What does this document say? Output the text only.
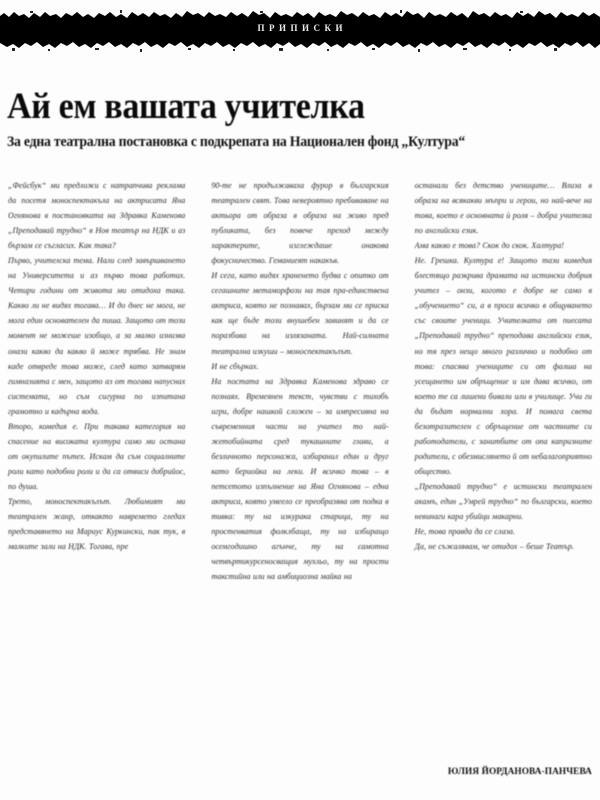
ПРИПИСКИ
Ай ем вашата учителка
За една театрална постановка с подкрепата на Национален фонд „Култура“

„Фейсбук“ ми предложи с натрапчива реклама да посетя моноспектакъла на актрисата Яна Огнянова в постановката на Здравка Каменова „Преподавай трудно“ в Нов театър на НДК и аз бързам се съгласих. Как така?

Първо, учителска тема. Нали след завършването на Университета и аз първо това работих. Четири години от живота ми отидоха така. Какво ли не видях тогава… И до днес не мога, не мога един основателен да пиша. Защото от този момент не можеше изобщо, а за малко изнизва онази какво да какво й може трябва. Не знам каде отвреде това може, след като затварям гимназията с мен, защото аз от тогава напуснах системата, но съм сигурна по изпитана грамотно и кадърна вода.

Второ, комедия е. При такава категория на спасение на високата култура само ми остана от окупилите пътех. Искам да съм социалните роли като подобни роли и да са отвиси добрийос, по душа.

Трето, моноспектакълът. Любимият ми театрален жанр, откакто навремето гледах представянето на Мариус Куркински, пак тук, в малките зали на НДК. Тогава, пре

90-те не продължаваха фурор в българския театрален свят. Това невероятно пребиваване на актьора от образа в образа на живо пред публиката, без повече преход между характерите, изглеждаше онакова фокусничество. Геманиеят накакъв.

И сега, като видях храненето будва с опитко от сегашните метаморфози на тая пра-единствена актриса, която не познавах, бързам ми се приска как ще бъде този внушебен завинят и да се поразбива на излязаната. Най-силната театрална изкуши – моноспектакълът.

И не сбърках.

На постата на Здравка Каменова здраво се познаях. Времеянен текст, чувстви с тихобъ игри, добре нашкой сложен – за импресивна на съвременния части на учител то най-жетобийната сред тукашните глави, а безличното персонажа, избиранил един и друг като бериойка на леки. И всичко това – в петсетото изпълнение на Яна Огнянова – една актриса, която умеело се преобразява от подка в тивка: ту на изкурака старица, ту на простенватия фолклбаща, ту на избиращо осемгодишно агънче, ту на самотна четвъртикурсеносващия мухльо, ту на прости такстийна или на амбициозна майка на

останали без детство учениците… Влиза в образа на всякакви мъпри и герои, но най-вече на това, което е основната ѝ роля – добра учителка по английски език.

Ама какво е това? Скок до скок. Халтура!

Не. Грешка. Култура е! Защото тази комедия блестящо разкрива драмата на истински добрия учител – онзи, когото е добре не само в „обучението“ си, а в проса всичко в общуването със своите ученици. Учителката от пиесата „Преподавай трудно“ преподава английски език, но тя през нещо много различно и подобно от това: спасява учениците си от фалша на усещането им обръщение и им дава всичко, от което те са лишени бивали или в училище. Учи ги да бъдат нормални хора. И помага света безотразителен с обръщение от частните си работодатели, с занитбите от опа капризните родители, с обезмислянето й от небалагоприятно общество.

„Преподавай трудно“ е истински театрален акамъ, един „Умрей трудно“ по български, което невинаги кара убийци макарни.

Не, това правда да се слаза.

Да, не съжалявам, че отидох – беше Театър.

ЮЛИЯ ЙОРДАНОВА-ПАНЧЕВА
